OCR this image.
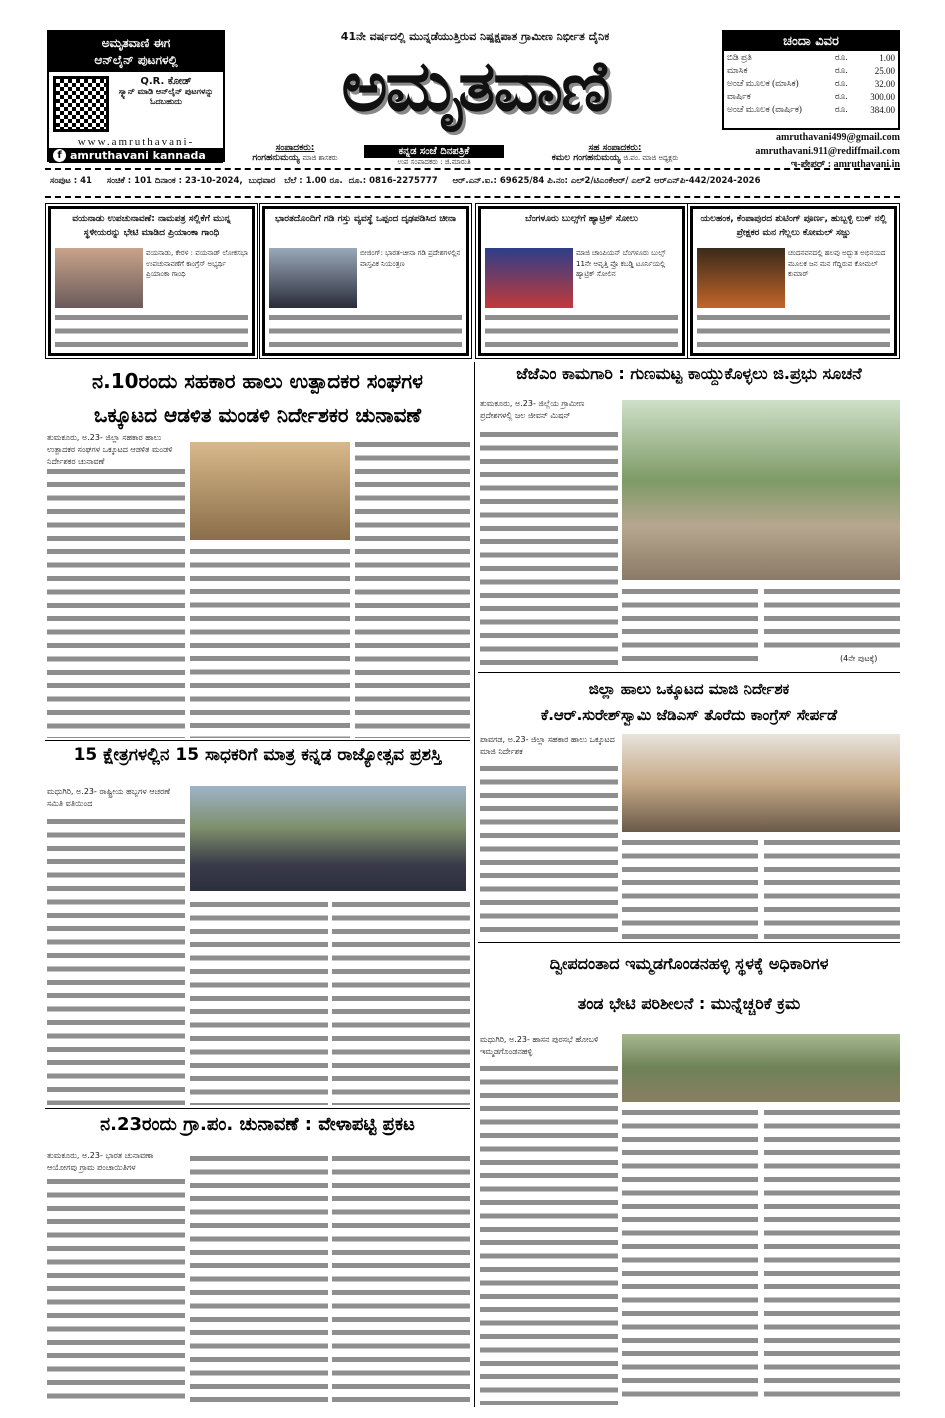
ಅಮೃತವಾಣಿ ಈಗ
ಆನ್‌ಲೈನ್ ಪುಟಗಳಲ್ಲಿ
Q.R. ಕೋಡ್
ಸ್ಕ್ಯಾನ್ ಮಾಡಿ ಆನ್‌ಲೈನ್ ಪುಟಗಳನ್ನು ಓದಬಹುದು
www.amruthavani-
f amruthavani kannada
41ನೇ ವರ್ಷದಲ್ಲಿ ಮುನ್ನಡೆಯುತ್ತಿರುವ ನಿಷ್ಪಕ್ಷಪಾತ ಗ್ರಾಮೀಣ ನಿರ್ಭೀತ ದೈನಿಕ
ಅಮೃತವಾಣಿ
ಸಂಪಾದಕರು:
ಗಂಗಹನುಮಯ್ಯ ಮಾಜಿ ಶಾಸಕರು
ಕನ್ನಡ ಸಂಜೆ ದಿನಪತ್ರಿಕೆ
ಉಪ ಸಂಪಾದಕರು : ಜಿ.ಮಾರುತಿ
ಸಹ ಸಂಪಾದಕರು:
ಕಮಲ ಗಂಗಹನುಮಯ್ಯ ಜಿ.ಪಂ. ಮಾಜಿ ಅಧ್ಯಕ್ಷರು
ಚಂದಾ ವಿವರ
ಬಿಡಿ ಪ್ರತಿ	ರೂ.	1.00
ಮಾಸಿಕ	ರೂ.	25.00
ಅಂಚೆ ಮೂಲಕ (ಮಾಸಿಕ)	ರೂ.	32.00
ವಾರ್ಷಿಕ	ರೂ.	300.00
ಅಂಚೆ ಮೂಲಕ (ವಾರ್ಷಿಕ)	ರೂ.	384.00
amruthavani499@gmail.com
amruthavani.911@rediffmail.com
ಇ-ಪೇಪರ್ : amruthavani.in
ಸಂಪುಟ : 41     ಸಂಚಿಕೆ : 101 ದಿನಾಂಕ : 23-10-2024,  ಬುಧವಾರ   ಬೆಲೆ : 1.00 ರೂ.  ದೂ.: 0816-2275777     ಆರ್.ಎನ್.ಐ.: 69625/84 ಪಿ.ನಂ: ಎಲ್2/ಟಿಎಂಕೆಆರ್/ ಎಲ್2 ಆರ್‌ಎನ್‌ಪಿ-442/2024-2026
ವಯನಾಡು ಉಪಚುನಾವಣೆ: ನಾಮಪತ್ರ ಸಲ್ಲಿಕೆಗೆ ಮುನ್ನ ಸ್ಥಳೀಯರನ್ನು ಭೇಟಿ ಮಾಡಿದ ಪ್ರಿಯಾಂಕಾ ಗಾಂಧಿ
ವಯನಾಡು, ಕೇರಳ : ವಯನಾಡ್ ಲೋಕಸಭಾ ಉಪಚುನಾವಣೆಗೆ ಕಾಂಗ್ರೆಸ್ ಅಭ್ಯರ್ಥಿ ಪ್ರಿಯಾಂಕಾ ಗಾಂಧಿ
ಭಾರತದೊಂದಿಗೆ ಗಡಿ ಗಸ್ತು ವ್ಯವಸ್ಥೆ ಒಪ್ಪಂದ ದೃಢಪಡಿಸಿದ ಚೀನಾ
ಬೀಜಿಂಗ್: ಭಾರತ-ಚೀನಾ ಗಡಿ ಪ್ರದೇಶಗಳಲ್ಲಿನ ವಾಸ್ತವಿಕ ನಿಯಂತ್ರಣ
ಬೆಂಗಳೂರು ಬುಲ್ಸ್‌ಗೆ ಹ್ಯಾಟ್ರಿಕ್ ಸೋಲು
ಮಾಜಿ ಚಾಂಪಿಯನ್ ಬೆಂಗಳೂರು ಬುಲ್ಸ್ 11ನೇ ಆವೃತ್ತಿ ಪ್ರೊ ಕಬಡ್ಡಿ ಟೂರ್ನಿಯಲ್ಲಿ ಹ್ಯಾಟ್ರಿಕ್ ಸೋಲಿನ
ಯಲಹಂಕ, ಕೆಂಪಾಪುರದ ಶುಟಿಂಗ್ ಪೂರ್ಣ, ಹುಬ್ಬಳ್ಳಿ ಲುಕ್ ನಲ್ಲಿ ಪ್ರೇಕ್ಷಕರ ಮನ ಗೆಲ್ಲಲು ಕೋಮಲ್ ಸಜ್ಜು
ಚಂದನವನದಲ್ಲಿ ಹಲವು ಅದ್ಭುತ ಅಭಿನಯದ ಮೂಲಕ ಜನ ಮನ ಗೆದ್ದಿರುವ ಕೋಮಲ್ ಕುಮಾರ್
ನ.10ರಂದು ಸಹಕಾರ ಹಾಲು ಉತ್ಪಾದಕರ ಸಂಘಗಳ
ಒಕ್ಕೂಟದ ಆಡಳಿತ ಮಂಡಳಿ ನಿರ್ದೇಶಕರ ಚುನಾವಣೆ
ತುಮಕೂರು, ಅ.23- ಜಿಲ್ಲಾ ಸಹಕಾರ ಹಾಲು ಉತ್ಪಾದಕರ ಸಂಘಗಳ ಒಕ್ಕೂಟದ ಆಡಳಿತ ಮಂಡಳಿ ನಿರ್ದೇಶಕರ ಚುನಾವಣೆ
15 ಕ್ಷೇತ್ರಗಳಲ್ಲಿನ 15 ಸಾಧಕರಿಗೆ ಮಾತ್ರ ಕನ್ನಡ ರಾಜ್ಯೋತ್ಸವ ಪ್ರಶಸ್ತಿ
ಮಧುಗಿರಿ, ಅ.23- ರಾಷ್ಟ್ರೀಯ ಹಬ್ಬಗಳ ಆಚರಣೆ ಸಮಿತಿ ವತಿಯಿಂದ
ನ.23ರಂದು ಗ್ರಾ.ಪಂ. ಚುನಾವಣೆ : ವೇಳಾಪಟ್ಟಿ ಪ್ರಕಟ
ತುಮಕೂರು, ಅ.23- ಭಾರತ ಚುನಾವಣಾ ಆಯೋಗವು ಗ್ರಾಮ ಪಂಚಾಯಿತಿಗಳ
ಜೆಜೆಎಂ ಕಾಮಗಾರಿ : ಗುಣಮಟ್ಟ ಕಾಯ್ದುಕೊಳ್ಳಲು ಜಿ.ಪ್ರಭು ಸೂಚನೆ
ತುಮಕೂರು, ಅ.23- ಜಿಲ್ಲೆಯ ಗ್ರಾಮೀಣ ಪ್ರದೇಶಗಳಲ್ಲಿ ಜಲ ಜೀವನ್ ಮಿಷನ್
(4ನೇ ಪುಟಕ್ಕೆ)
ಜಿಲ್ಲಾ ಹಾಲು ಒಕ್ಕೂಟದ ಮಾಜಿ ನಿರ್ದೇಶಕ
ಕೆ.ಆರ್.ಸುರೇಶ್‌ಸ್ವಾಮಿ ಜೆಡಿಎಸ್ ತೊರೆದು ಕಾಂಗ್ರೆಸ್ ಸೇರ್ಪಡೆ
ಪಾವಗಡ, ಅ.23- ಜಿಲ್ಲಾ ಸಹಕಾರ ಹಾಲು ಒಕ್ಕೂಟದ ಮಾಜಿ ನಿರ್ದೇಶಕ
ದ್ವೀಪದಂತಾದ ಇಮ್ಮಡಗೊಂಡನಹಳ್ಳಿ ಸ್ಥಳಕ್ಕೆ ಅಧಿಕಾರಿಗಳ
ತಂಡ ಭೇಟಿ ಪರಿಶೀಲನೆ : ಮುನ್ನೆಚ್ಚರಿಕೆ ಕ್ರಮ
ಮಧುಗಿರಿ, ಅ.23- ಹಾಸನ ಪುರಸಭೆ ಹೋಬಳಿ ಇಮ್ಮಡಗೊಂಡನಹಳ್ಳಿ
